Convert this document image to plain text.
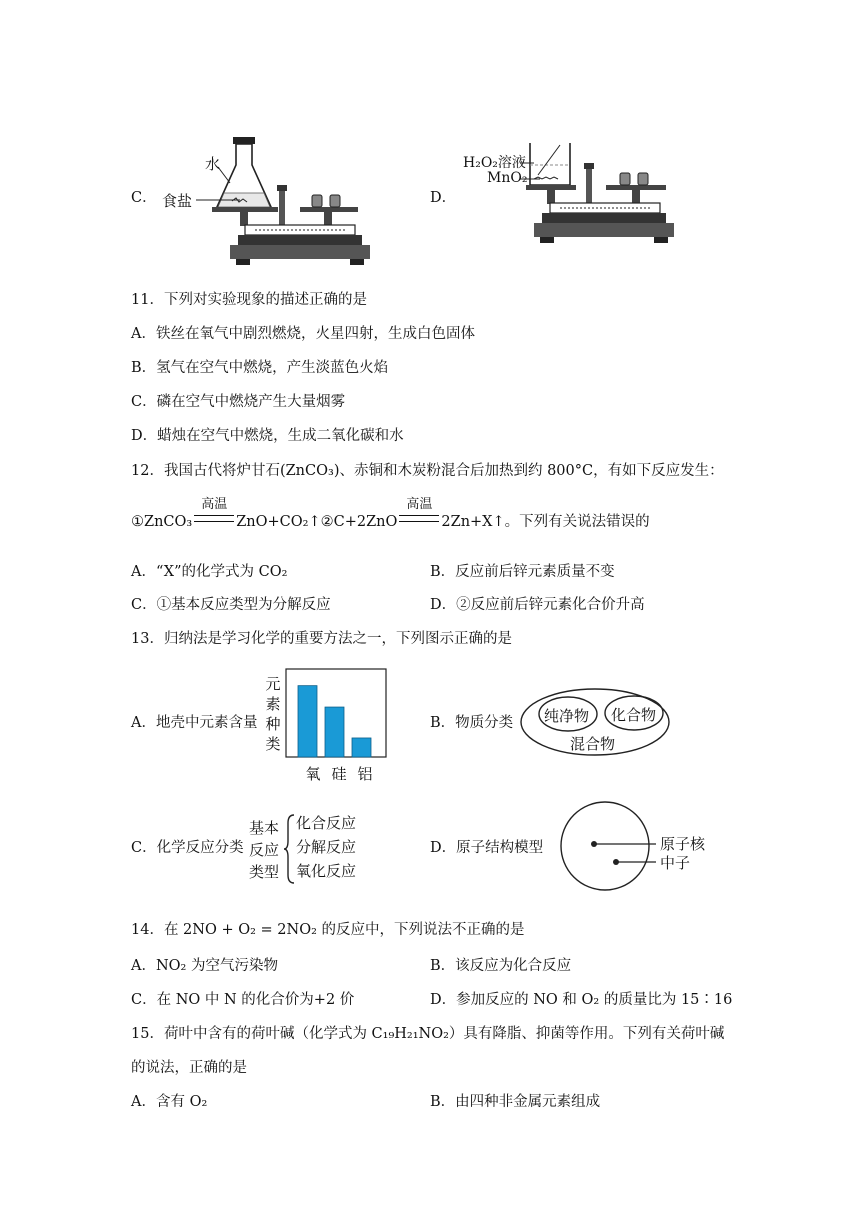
C．
水
食盐	D．
H₂O₂溶液
MnO₂
11．下列对实验现象的描述正确的是
A．铁丝在氧气中剧烈燃烧，火星四射，生成白色固体
B．氢气在空气中燃烧，产生淡蓝色火焰
C．磷在空气中燃烧产生大量烟雾
D．蜡烛在空气中燃烧，生成二氧化碳和水
12．我国古代将炉甘石(ZnCO₃)、赤铜和木炭粉混合后加热到约 800°C，有如下反应发生：
①ZnCO₃
高温
ZnO+CO₂↑②C+2ZnO
高温
2Zn+X↑。下列有关说法错误的
A．“X”的化学式为 CO₂	B．反应前后锌元素质量不变
C．①基本反应类型为分解反应	D．②反应前后锌元素化合价升高
13．归纳法是学习化学的重要方法之一，下列图示正确的是
A．地壳中元素含量
元
素
种
类
氧 硅 铝
B．物质分类 纯净物 化合物
混合物
C．化学反应分类
基本
反应
类型
化合反应
分解反应
氧化反应
D．原子结构模型	原子核
中子
14．在 2NO + O₂ = 2NO₂ 的反应中，下列说法不正确的是
A．NO₂ 为空气污染物	B．该反应为化合反应
C．在 NO 中 N 的化合价为+2 价	D．参加反应的 NO 和 O₂ 的质量比为 15∶16
15．荷叶中含有的荷叶碱（化学式为 C₁₉H₂₁NO₂）具有降脂、抑菌等作用。下列有关荷叶碱
的说法，正确的是
A．含有 O₂	B．由四种非金属元素组成
